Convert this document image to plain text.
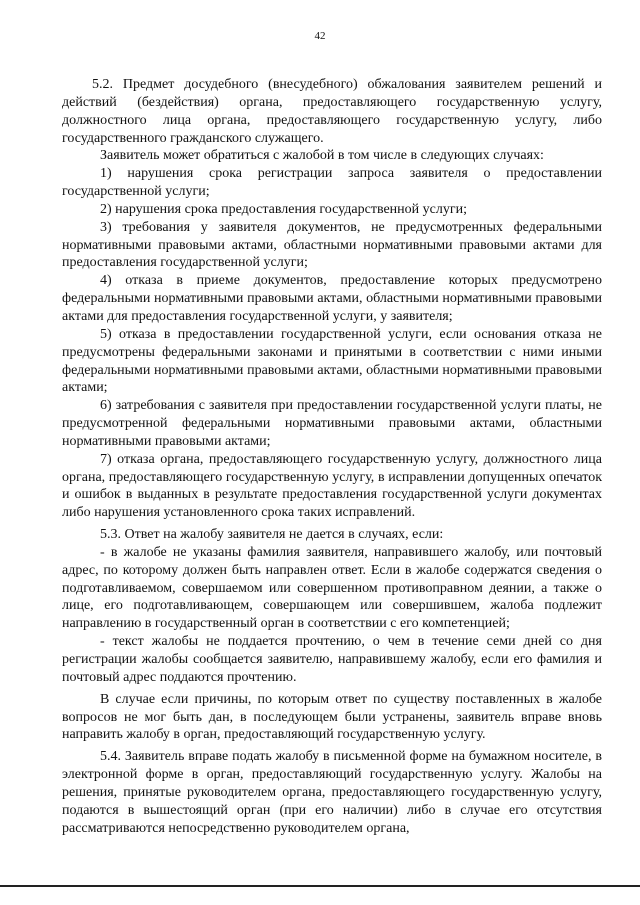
42

5.2. Предмет досудебного (внесудебного) обжалования заявителем решений и действий (бездействия) органа, предоставляющего государственную услугу, должностного лица органа, предоставляющего государственную услугу, либо государственного гражданского служащего.

Заявитель может обратиться с жалобой в том числе в следующих случаях:

1) нарушения срока регистрации запроса заявителя о предоставлении государственной услуги;

2) нарушения срока предоставления государственной услуги;

3) требования у заявителя документов, не предусмотренных федеральными нормативными правовыми актами, областными нормативными правовыми актами для предоставления государственной услуги;

4) отказа в приеме документов, предоставление которых предусмотрено федеральными нормативными правовыми актами, областными нормативными правовыми актами для предоставления государственной услуги, у заявителя;

5) отказа в предоставлении государственной услуги, если основания отказа не предусмотрены федеральными законами и принятыми в соответствии с ними иными федеральными нормативными правовыми актами, областными нормативными правовыми актами;

6) затребования с заявителя при предоставлении государственной услуги платы, не предусмотренной федеральными нормативными правовыми актами, областными нормативными правовыми актами;

7) отказа органа, предоставляющего государственную услугу, должностного лица органа, предоставляющего государственную услугу, в исправлении допущенных опечаток и ошибок в выданных в результате предоставления государственной услуги документах либо нарушения установленного срока таких исправлений.

5.3. Ответ на жалобу заявителя не дается в случаях, если:

- в жалобе не указаны фамилия заявителя, направившего жалобу, или почтовый адрес, по которому должен быть направлен ответ. Если в жалобе содержатся сведения о подготавливаемом, совершаемом или совершенном противоправном деянии, а также о лице, его подготавливающем, совершающем или совершившем, жалоба подлежит направлению в государственный орган в соответствии с его компетенцией;

- текст жалобы не поддается прочтению, о чем в течение семи дней со дня регистрации жалобы сообщается заявителю, направившему жалобу, если его фамилия и почтовый адрес поддаются прочтению.

В случае если причины, по которым ответ по существу поставленных в жалобе вопросов не мог быть дан, в последующем были устранены, заявитель вправе вновь направить жалобу в орган, предоставляющий государственную услугу.

5.4. Заявитель вправе подать жалобу в письменной форме на бумажном носителе, в электронной форме в орган, предоставляющий государственную услугу. Жалобы на решения, принятые руководителем органа, предоставляющего государственную услугу, подаются в вышестоящий орган (при его наличии) либо в случае его отсутствия рассматриваются непосредственно руководителем органа,
